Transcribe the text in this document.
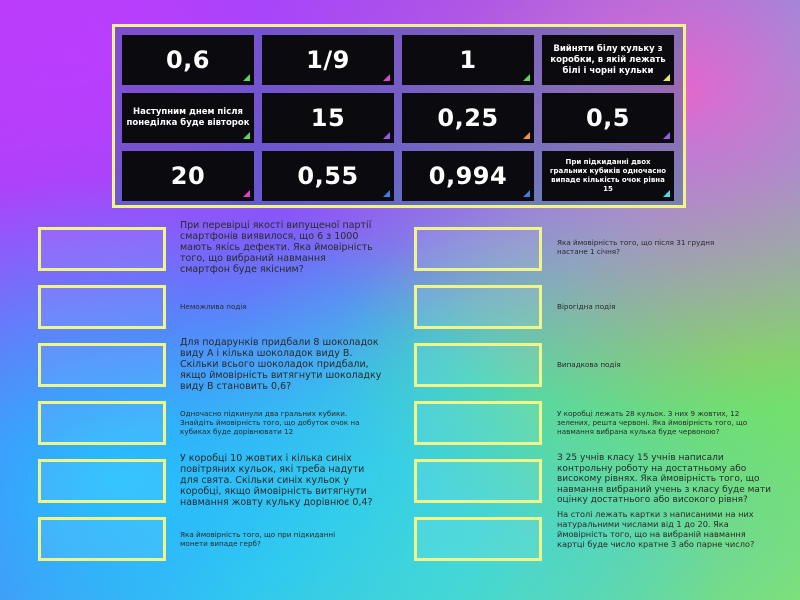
0,6	1/9	1	Вийняти білу кульку з коробки, в якій лежать білі і чорні кульки
Наступним днем після понеділка буде вівторок	15	0,25	0,5
20	0,55	0,994	При підкиданні двох гральних кубиків одночасно випаде кількість очок рівна 15
При перевірці якості випущеної партії смартфонів виявилося, що 6 з 1000 мають якісь дефекти. Яка ймовірність того, що вибраний навмання смартфон буде якісним?
Неможлива подія
Для подарунків придбали 8 шоколадок виду А і кілька шоколадок виду В. Скільки всього шоколадок придбали, якщо ймовірність витягнути шоколадку виду В становить 0,6?
Одночасно підкинули два гральних кубики. Знайдіть ймовірність того, що добуток очок на кубиках буде дорівнювати 12
У коробці 10 жовтих і кілька синіх повітряних кульок, які треба надути для свята. Скільки синіх кульок у коробці, якщо ймовірність витягнути навмання жовту кульку дорівнює 0,4?
Яка ймовірність того, що при підкиданні монети випаде герб?
Яка ймовірність того, що після 31 грудня настане 1 січня?
Вірогідна подія
Випадкова подія
У коробці лежать 28 кульок. З них 9 жовтих, 12 зелених, решта червоні. Яка ймовірність того, що навмання вибрана кулька буде червоною?
З 25 учнів класу 15 учнів написали контрольну роботу на достатньому або високому рівнях. Яка ймовірність того, що навмання вибраний учень з класу буде мати оцінку достатнього або високого рівня?
На столі лежать картки з написаними на них натуральними числами від 1 до 20. Яка ймовірність того, що на вибраній навмання картці буде число кратне 3 або парне число?
